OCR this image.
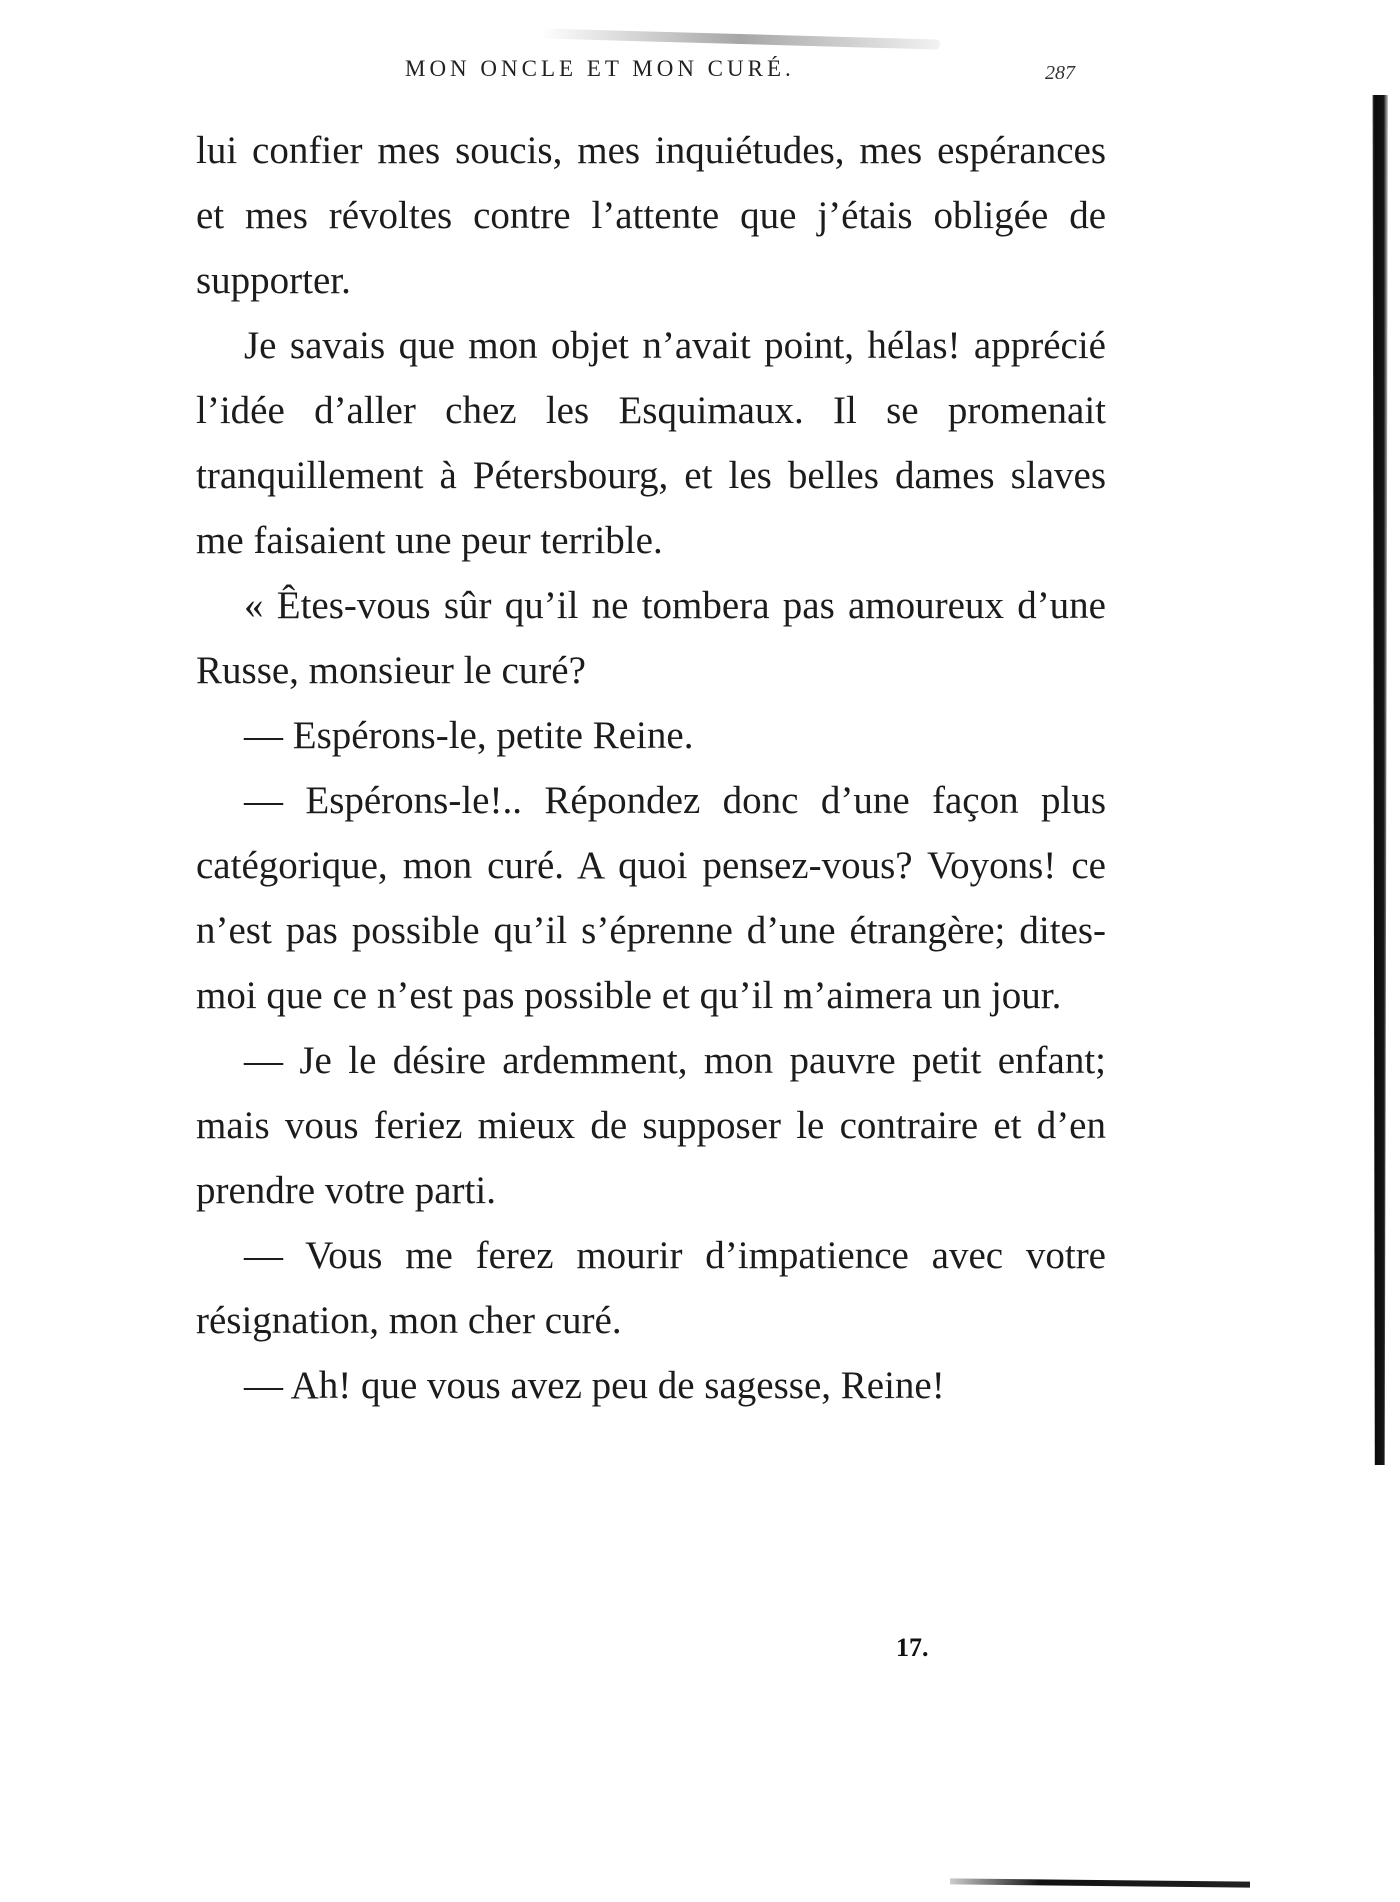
MON ONCLE ET MON CURÉ.	287

lui confier mes soucis, mes inquiétudes, mes espérances et mes révoltes contre l’attente que j’étais obligée de supporter.

Je savais que mon objet n’avait point, hélas! apprécié l’idée d’aller chez les Esquimaux. Il se promenait tranquillement à Pétersbourg, et les belles dames slaves me faisaient une peur terrible.

« Êtes-vous sûr qu’il ne tombera pas amoureux d’une Russe, monsieur le curé?

— Espérons-le, petite Reine.

— Espérons-le!.. Répondez donc d’une façon plus catégorique, mon curé. A quoi pensez-vous? Voyons! ce n’est pas possible qu’il s’éprenne d’une étrangère; dites-moi que ce n’est pas possible et qu’il m’aimera un jour.

— Je le désire ardemment, mon pauvre petit enfant; mais vous feriez mieux de supposer le contraire et d’en prendre votre parti.

— Vous me ferez mourir d’impatience avec votre résignation, mon cher curé.

— Ah! que vous avez peu de sagesse, Reine!

17.
